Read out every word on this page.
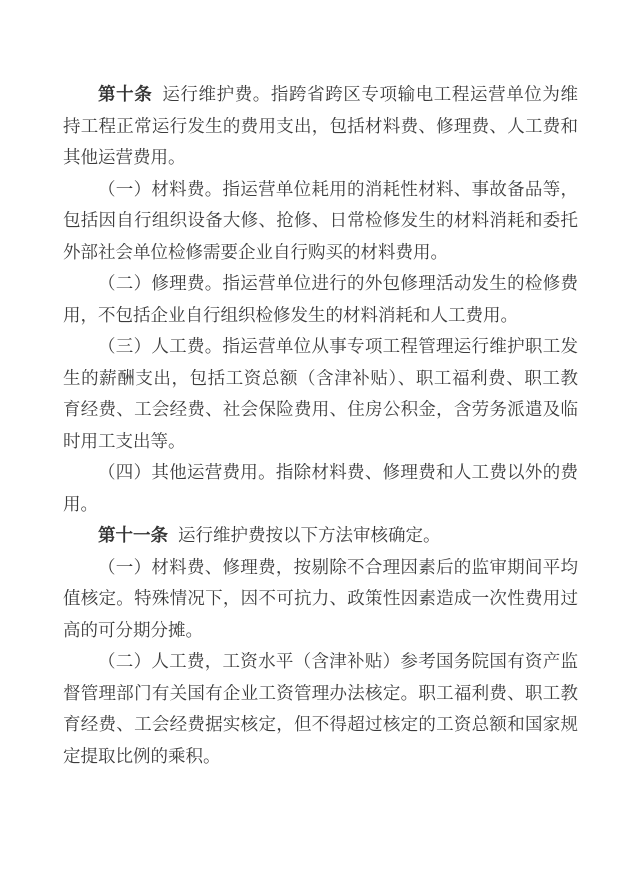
第十条 运行维护费。指跨省跨区专项输电工程运营单位为维持工程正常运行发生的费用支出，包括材料费、修理费、人工费和其他运营费用。

（一）材料费。指运营单位耗用的消耗性材料、事故备品等，包括因自行组织设备大修、抢修、日常检修发生的材料消耗和委托外部社会单位检修需要企业自行购买的材料费用。

（二）修理费。指运营单位进行的外包修理活动发生的检修费用，不包括企业自行组织检修发生的材料消耗和人工费用。

（三）人工费。指运营单位从事专项工程管理运行维护职工发生的薪酬支出，包括工资总额（含津补贴）、职工福利费、职工教育经费、工会经费、社会保险费用、住房公积金，含劳务派遣及临时用工支出等。

（四）其他运营费用。指除材料费、修理费和人工费以外的费用。

第十一条 运行维护费按以下方法审核确定。

（一）材料费、修理费，按剔除不合理因素后的监审期间平均值核定。特殊情况下，因不可抗力、政策性因素造成一次性费用过高的可分期分摊。

（二）人工费，工资水平（含津补贴）参考国务院国有资产监督管理部门有关国有企业工资管理办法核定。职工福利费、职工教育经费、工会经费据实核定，但不得超过核定的工资总额和国家规定提取比例的乘积。
